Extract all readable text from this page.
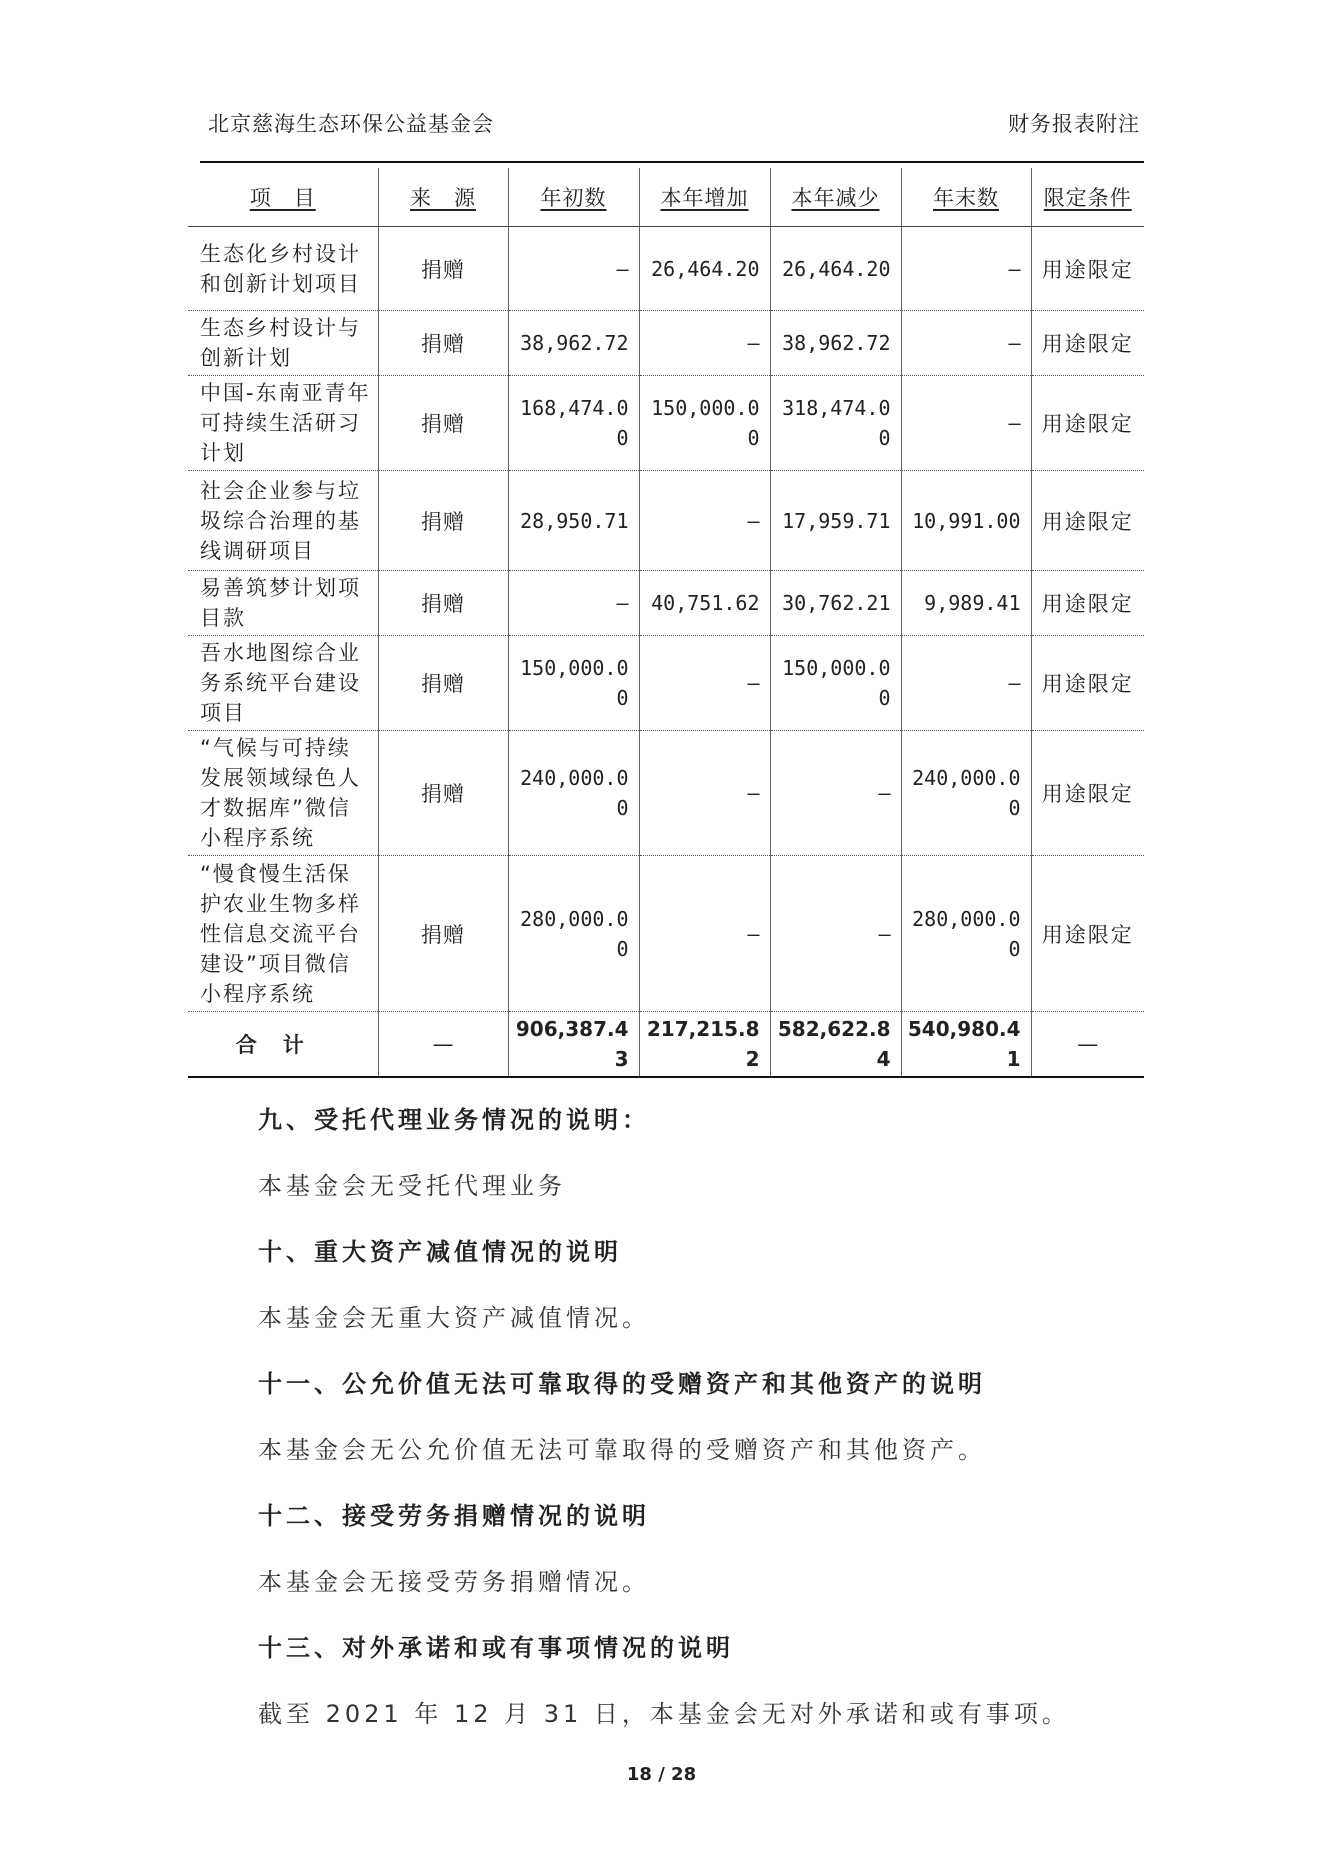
北京慈海生态环保公益基金会	财务报表附注
项　目	来　源	年初数	本年增加	本年减少	年末数	限定条件
生态化乡村设计和创新计划项目	捐赠	–	26,464.20	26,464.20	–	用途限定
生态乡村设计与创新计划	捐赠	38,962.72	–	38,962.72	–	用途限定
中国-东南亚青年可持续生活研习计划	捐赠	168,474.00	150,000.00	318,474.00	–	用途限定
社会企业参与垃圾综合治理的基线调研项目	捐赠	28,950.71	–	17,959.71	10,991.00	用途限定
易善筑梦计划项目款	捐赠	–	40,751.62	30,762.21	9,989.41	用途限定
吾水地图综合业务系统平台建设项目	捐赠	150,000.00	–	150,000.00	–	用途限定
“气候与可持续发展领域绿色人才数据库”微信小程序系统	捐赠	240,000.00	–	–	240,000.00	用途限定
“慢食慢生活保护农业生物多样性信息交流平台建设”项目微信小程序系统	捐赠	280,000.00	–	–	280,000.00	用途限定
合计	—	906,387.43	217,215.82	582,622.84	540,980.41	—
九、受托代理业务情况的说明：
本基金会无受托代理业务
十、重大资产减值情况的说明
本基金会无重大资产减值情况。
十一、公允价值无法可靠取得的受赠资产和其他资产的说明
本基金会无公允价值无法可靠取得的受赠资产和其他资产。
十二、接受劳务捐赠情况的说明
本基金会无接受劳务捐赠情况。
十三、对外承诺和或有事项情况的说明
截至 2021 年 12 月 31 日，本基金会无对外承诺和或有事项。
18 / 28
